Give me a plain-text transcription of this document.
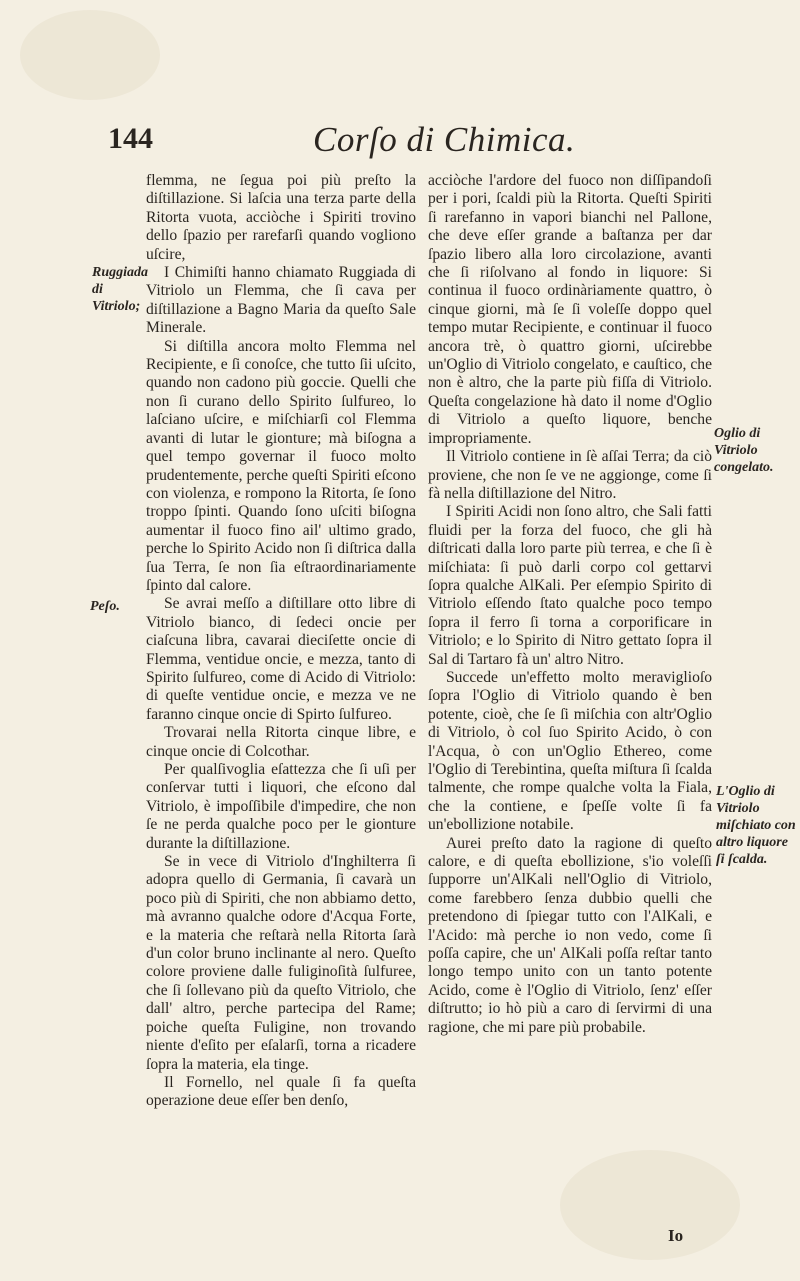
144	Corſo di Chimica.
Ruggiada di Vitriolo;
Peſo.
Oglio di Vitriolo congelato.
L'Oglio di Vitriolo miſchiato con altro liquore ſi ſcalda.

flemma, ne ſegua poi più preſto la diſtillazione. Si laſcia una terza parte della Ritorta vuota, acciòche i Spiriti trovino dello ſpazio per rarefarſi quando vogliono uſcire,

I Chimiſti hanno chiamato Ruggiada di Vitriolo un Flemma, che ſi cava per diſtillazione a Bagno Maria da queſto Sale Minerale.

Si diſtilla ancora molto Flemma nel Recipiente, e ſi conoſce, che tutto ſii uſcito, quando non cadono più goccie. Quelli che non ſi curano dello Spirito ſulfureo, lo laſciano uſcire, e miſchiarſi col Flemma avanti di lutar le gionture; mà biſogna a quel tempo governar il fuoco molto prudentemente, perche queſti Spiriti eſcono con violenza, e rompono la Ritorta, ſe ſono troppo ſpinti. Quando ſono uſciti biſogna aumentar il fuoco fino ail' ultimo grado, perche lo Spirito Acido non ſi diſtrica dalla ſua Terra, ſe non ſia eſtraordinariamente ſpinto dal calore.

Se avrai meſſo a diſtillare otto libre di Vitriolo bianco, di ſedeci oncie per ciaſcuna libra, cavarai dieciſette oncie di Flemma, ventidue oncie, e mezza, tanto di Spirito ſulfureo, come di Acido di Vitriolo: di queſte ventidue oncie, e mezza ve ne faranno cinque oncie di Spirto ſulfureo.

Trovarai nella Ritorta cinque libre, e cinque oncie di Colcothar.

Per qualſivoglia eſattezza che ſi uſi per conſervar tutti i liquori, che eſcono dal Vitriolo, è impoſſibile d'impedire, che non ſe ne perda qualche poco per le gionture durante la diſtillazione.

Se in vece di Vitriolo d'Inghilterra ſi adopra quello di Germania, ſi cavarà un poco più di Spiriti, che non abbiamo detto, mà avranno qualche odore d'Acqua Forte, e la materia che reſtarà nella Ritorta ſarà d'un color bruno inclinante al nero. Queſto colore proviene dalle fuliginoſità ſulfuree, che ſi ſollevano più da queſto Vitriolo, che dall' altro, perche partecipa del Rame; poiche queſta Fuligine, non trovando niente d'eſito per eſalarſi, torna a ricadere ſopra la materia, ela tinge.

Il Fornello, nel quale ſi fa queſta operazione deue eſſer ben denſo,

acciòche l'ardore del fuoco non diſſipandoſi per i pori, ſcaldi più la Ritorta. Queſti Spiriti ſi rarefanno in vapori bianchi nel Pallone, che deve eſſer grande a baſtanza per dar ſpazio libero alla loro circolazione, avanti che ſi riſolvano al fondo in liquore: Si continua il fuoco ordinàriamente quattro, ò cinque giorni, mà ſe ſi voleſſe doppo quel tempo mutar Recipiente, e continuar il fuoco ancora trè, ò quattro giorni, uſcirebbe un'Oglio di Vitriolo congelato, e cauſtico, che non è altro, che la parte più fiſſa di Vitriolo. Queſta congelazione hà dato il nome d'Oglio di Vitriolo a queſto liquore, benche impropriamente.

Il Vitriolo contiene in ſè aſſai Terra; da ciò proviene, che non ſe ve ne aggionge, come ſi fà nella diſtillazione del Nitro.

I Spiriti Acidi non ſono altro, che Sali fatti fluidi per la forza del fuoco, che gli hà diſtricati dalla loro parte più terrea, e che ſi è miſchiata: ſi può darli corpo col gettarvi ſopra qualche AlKali. Per eſempio Spirito di Vitriolo eſſendo ſtato qualche poco tempo ſopra il ferro ſi torna a corporificare in Vitriolo; e lo Spirito di Nitro gettato ſopra il Sal di Tartaro fà un' altro Nitro.

Succede un'effetto molto meraviglioſo ſopra l'Oglio di Vitriolo quando è ben potente, cioè, che ſe ſi miſchia con altr'Oglio di Vitriolo, ò col ſuo Spirito Acido, ò con l'Acqua, ò con un'Oglio Ethereo, come l'Oglio di Terebintina, queſta miſtura ſi ſcalda talmente, che rompe qualche volta la Fiala, che la contiene, e ſpeſſe volte ſi fa un'ebollizione notabile.

Aurei preſto dato la ragione di queſto calore, e di queſta ebollizione, s'io voleſſi ſupporre un'AlKali nell'Oglio di Vitriolo, come farebbero ſenza dubbio quelli che pretendono di ſpiegar tutto con l'AlKali, e l'Acido: mà perche io non vedo, come ſi poſſa capire, che un' AlKali poſſa reſtar tanto longo tempo unito con un tanto potente Acido, come è l'Oglio di Vitriolo, ſenz' eſſer diſtrutto; io hò più a caro di ſervirmi di una ragione, che mi pare più probabile.

Io
